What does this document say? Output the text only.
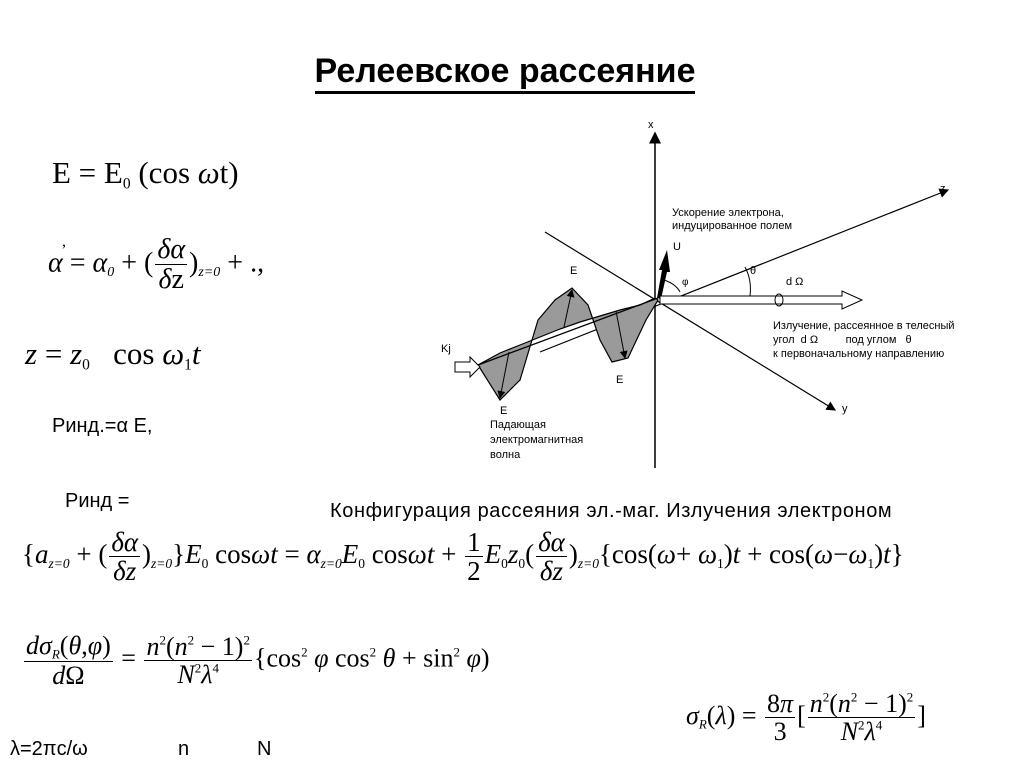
Релеевское рассеяние
$E = E_0$ (cos ωt)
,
$\alpha = \alpha_0$ + ( $\frac{\delta\alpha}{\delta z} )_{z=0}$ + .,
$z = z_0$   $\cos \omega_1t$
Pинд.=α E,
Pинд =	Конфигурация рассеяния эл.-маг. Излучения электроном
{$a_{z=0}$ + ( $\frac{\delta\alpha}{\delta z} )_{z=0}\}E_0$ $\cos\omega t = \alpha_{z=0}E_0$ $\cos\omega t + \frac{1}{2} E_0z_0( \frac{\delta\alpha}{\delta z} )_{z=0}\{\cos(\omega+ \omega_1)t + \cos(\omega-\omega_1)t\}$
$\frac{d\sigma_R(\theta,\varphi)}{d\Omega} = \frac{n^2(n^2 - 1)^2}{N^2\lambda^4} \{\cos^2$ φ $\cos^2 \theta + \sin^2 \varphi$)
$\sigma_R(\lambda) = \frac{8\pi}{3}$ [ $\frac{n^2(n^2 - 1)^2}{N^2\lambda^4}$ ]
λ=2πc/ω	n	N
x
z
y
Ускорение электрона,
индуцированное полем
U
φ
θ
d Ω
Излучение, рассеянное в телесный
угол  d Ω         под углом   θ
к первоначальному направлению
Kj
E
E
E
Падающая
электромагнитная
волна
